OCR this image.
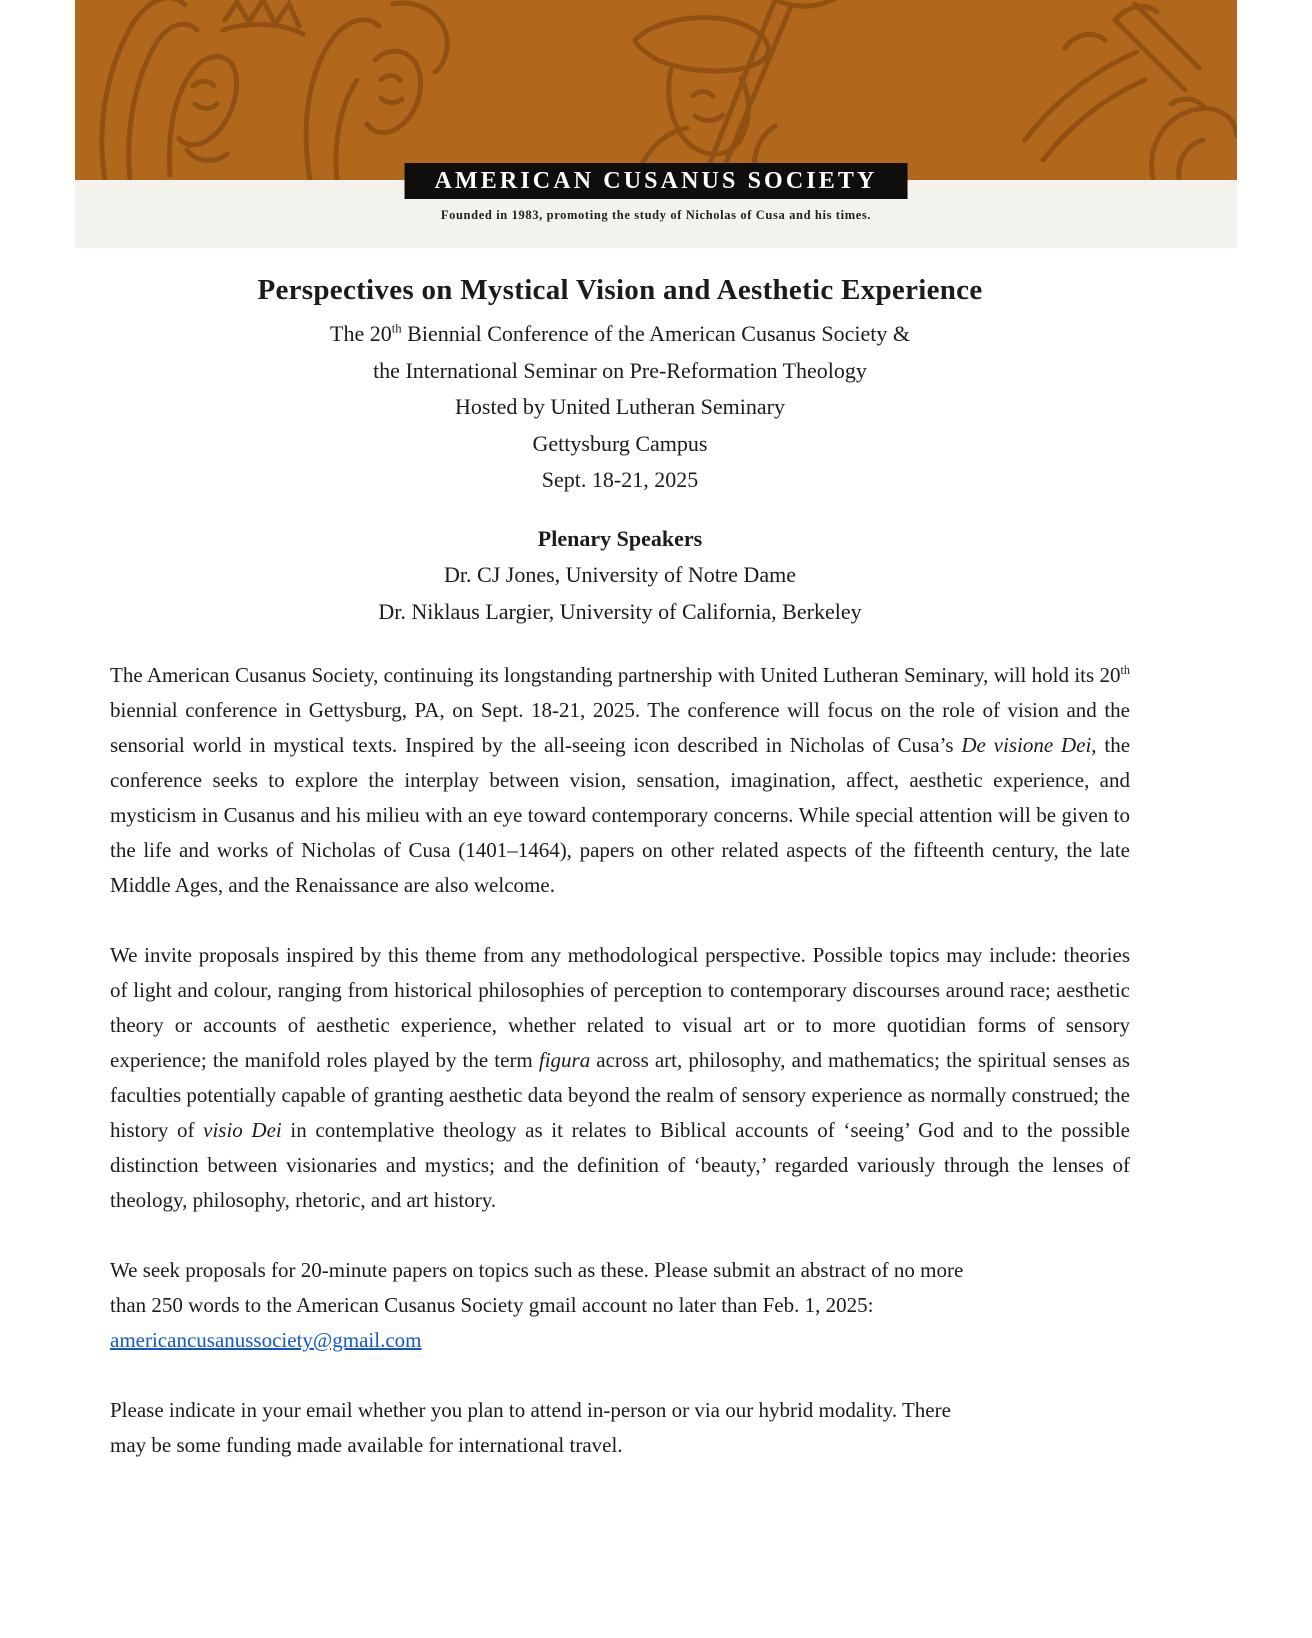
AMERICAN CUSANUS SOCIETY
Founded in 1983, promoting the study of Nicholas of Cusa and his times.
Perspectives on Mystical Vision and Aesthetic Experience
The 20th Biennial Conference of the American Cusanus Society &
the International Seminar on Pre-Reformation Theology
Hosted by United Lutheran Seminary
Gettysburg Campus
Sept. 18-21, 2025
Plenary Speakers
Dr. CJ Jones, University of Notre Dame
Dr. Niklaus Largier, University of California, Berkeley

The American Cusanus Society, continuing its longstanding partnership with United Lutheran Seminary, will hold its 20th biennial conference in Gettysburg, PA, on Sept. 18-21, 2025. The conference will focus on the role of vision and the sensorial world in mystical texts. Inspired by the all-seeing icon described in Nicholas of Cusa’s De visione Dei, the conference seeks to explore the interplay between vision, sensation, imagination, affect, aesthetic experience, and mysticism in Cusanus and his milieu with an eye toward contemporary concerns. While special attention will be given to the life and works of Nicholas of Cusa (1401–1464), papers on other related aspects of the fifteenth century, the late Middle Ages, and the Renaissance are also welcome.

We invite proposals inspired by this theme from any methodological perspective. Possible topics may include: theories of light and colour, ranging from historical philosophies of perception to contemporary discourses around race; aesthetic theory or accounts of aesthetic experience, whether related to visual art or to more quotidian forms of sensory experience; the manifold roles played by the term figura across art, philosophy, and mathematics; the spiritual senses as faculties potentially capable of granting aesthetic data beyond the realm of sensory experience as normally construed; the history of visio Dei in contemplative theology as it relates to Biblical accounts of ‘seeing’ God and to the possible distinction between visionaries and mystics; and the definition of ‘beauty,’ regarded variously through the lenses of theology, philosophy, rhetoric, and art history.

We seek proposals for 20-minute papers on topics such as these. Please submit an abstract of no more
than 250 words to the American Cusanus Society gmail account no later than Feb. 1, 2025:

americancusanussociety@gmail.com

Please indicate in your email whether you plan to attend in-person or via our hybrid modality. There
may be some funding made available for international travel.
